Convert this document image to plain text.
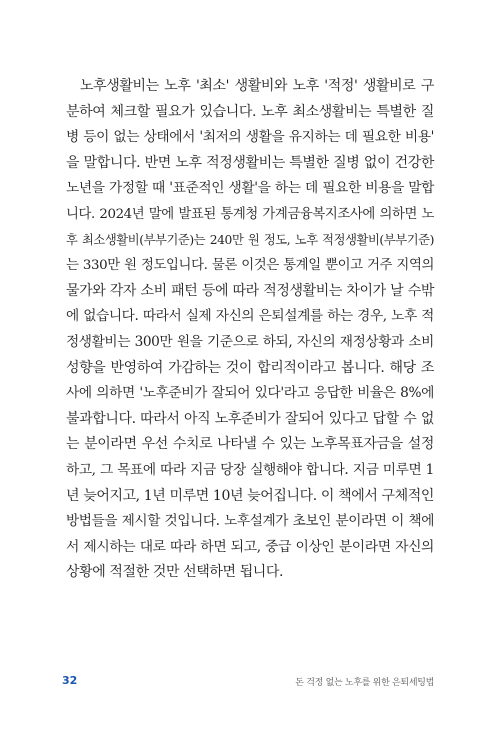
노후생활비는 노후 '최소' 생활비와 노후 '적정' 생활비로 구
분하여 체크할 필요가 있습니다. 노후 최소생활비는 특별한 질
병 등이 없는 상태에서 '최저의 생활을 유지하는 데 필요한 비용'
을 말합니다. 반면 노후 적정생활비는 특별한 질병 없이 건강한
노년을 가정할 때 '표준적인 생활'을 하는 데 필요한 비용을 말합
니다. 2024년 말에 발표된 통계청 가계금융복지조사에 의하면 노
후 최소생활비(부부기준)는 240만 원 정도, 노후 적정생활비(부부기준)
는 330만 원 정도입니다. 물론 이것은 통계일 뿐이고 거주 지역의
물가와 각자 소비 패턴 등에 따라 적정생활비는 차이가 날 수밖
에 없습니다. 따라서 실제 자신의 은퇴설계를 하는 경우, 노후 적
정생활비는 300만 원을 기준으로 하되, 자신의 재정상황과 소비
성향을 반영하여 가감하는 것이 합리적이라고 봅니다. 해당 조
사에 의하면 '노후준비가 잘되어 있다'라고 응답한 비율은 8%에
불과합니다. 따라서 아직 노후준비가 잘되어 있다고 답할 수 없
는 분이라면 우선 수치로 나타낼 수 있는 노후목표자금을 설정
하고, 그 목표에 따라 지금 당장 실행해야 합니다. 지금 미루면 1
년 늦어지고, 1년 미루면 10년 늦어집니다. 이 책에서 구체적인
방법들을 제시할 것입니다. 노후설계가 초보인 분이라면 이 책에
서 제시하는 대로 따라 하면 되고, 중급 이상인 분이라면 자신의
상황에 적절한 것만 선택하면 됩니다.
32	돈 걱정 없는 노후를 위한 은퇴세팅법
